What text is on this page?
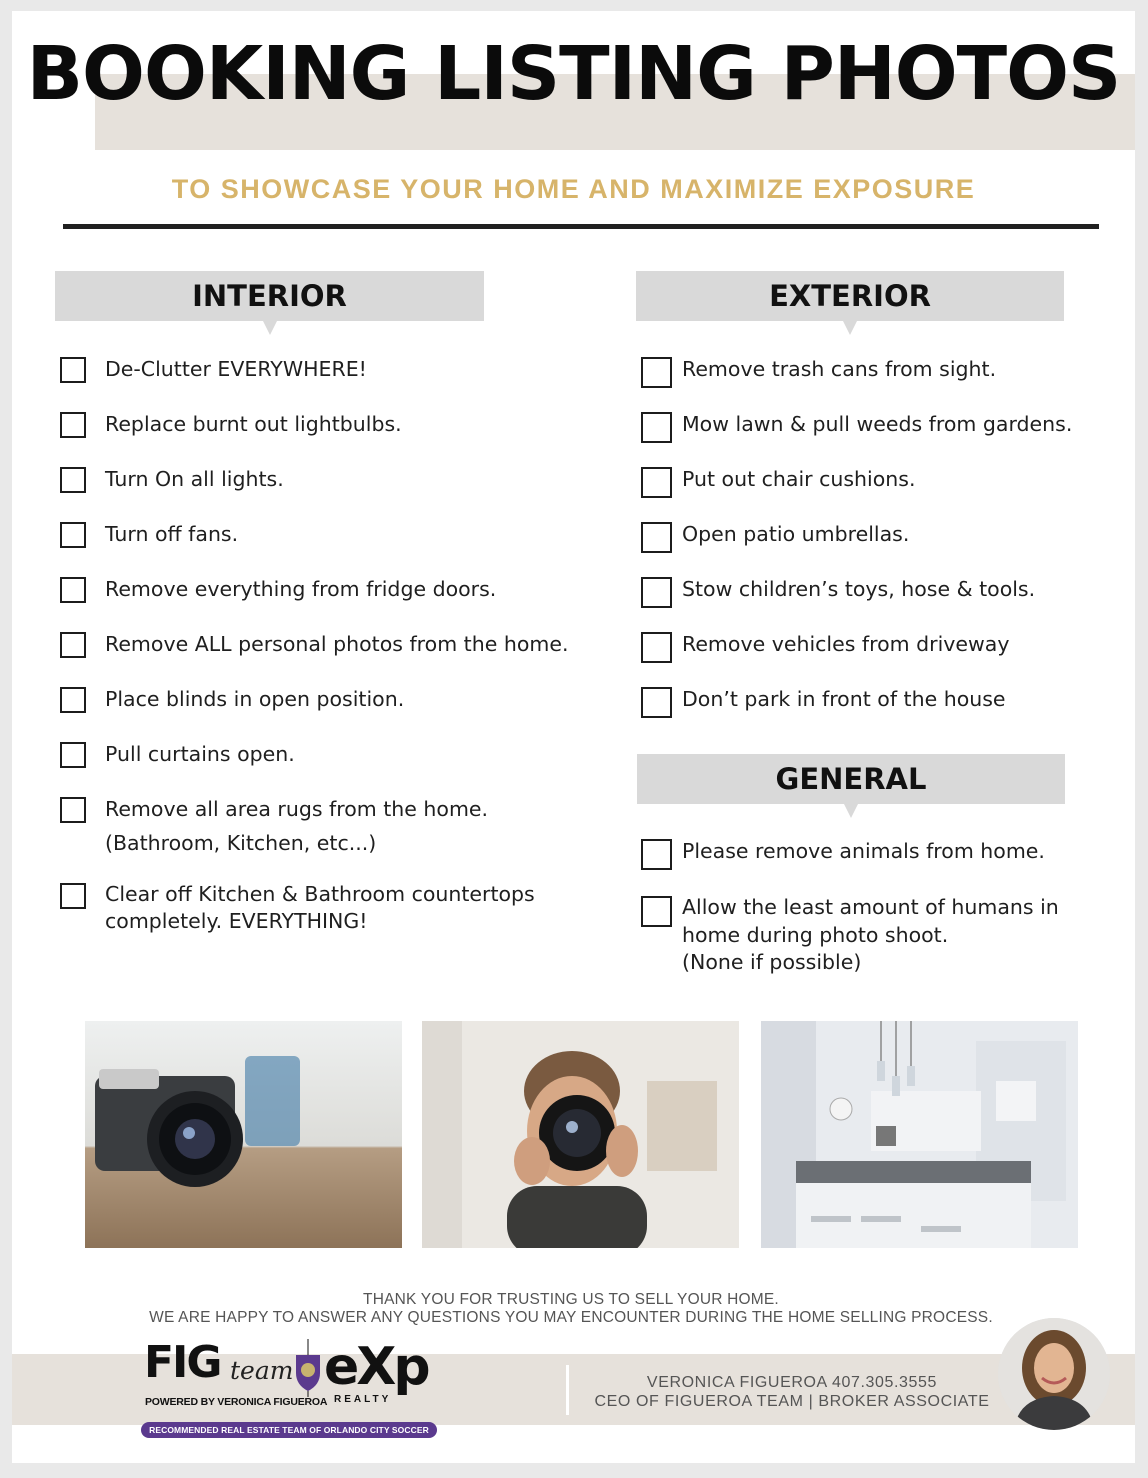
BOOKING LISTING PHOTOS
TO SHOWCASE YOUR HOME AND MAXIMIZE EXPOSURE
INTERIOR
De-Clutter EVERYWHERE!
Replace burnt out lightbulbs.
Turn On all lights.
Turn off fans.
Remove everything from fridge doors.
Remove ALL personal photos from the home.
Place blinds in open position.
Pull curtains open.
Remove all area rugs from the home.
(Bathroom, Kitchen, etc...)
Clear off Kitchen & Bathroom countertops
completely. EVERYTHING!
EXTERIOR
Remove trash cans from sight.
Mow lawn & pull weeds from gardens.
Put out chair cushions.
Open patio umbrellas.
Stow children’s toys, hose & tools.
Remove vehicles from driveway
Don’t park in front of the house
GENERAL
Please remove animals from home.
Allow the least amount of humans in
home during photo shoot.
(None if possible)
THANK YOU FOR TRUSTING US TO SELL YOUR HOME.
WE ARE HAPPY TO ANSWER ANY QUESTIONS YOU MAY ENCOUNTER DURING THE HOME SELLING PROCESS.
FIG team
POWERED BY VERONICA FIGUEROA
eXp
REALTY
RECOMMENDED REAL ESTATE TEAM OF ORLANDO CITY SOCCER CLUB
VERONICA FIGUEROA 407.305.3555
CEO OF FIGUEROA TEAM | BROKER ASSOCIATE
